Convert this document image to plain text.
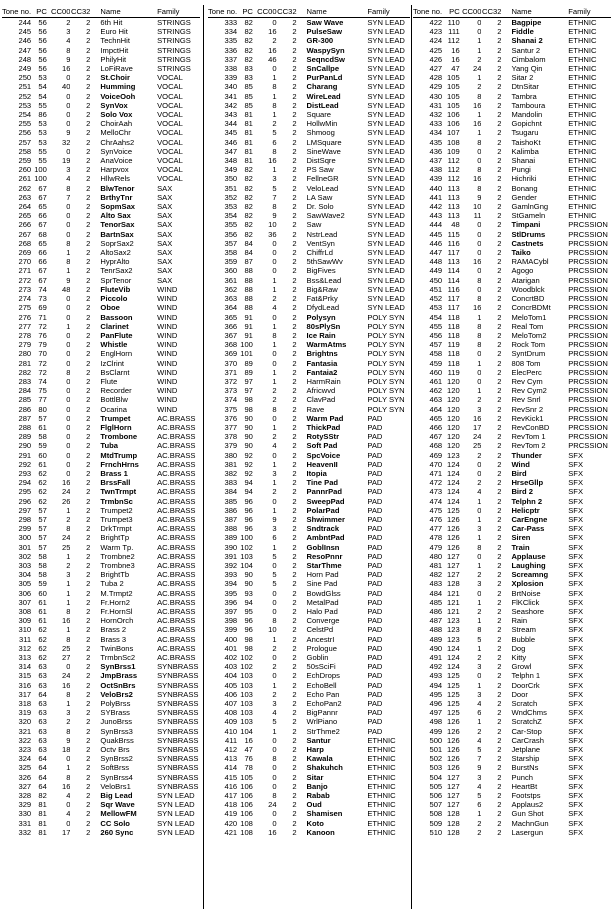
Tone no.	PC	CC00	CC32	Name	Family
244	56	2	2	6th Hit	STRINGS
245	56	3	2	Euro Hit	STRINGS
246	56	4	2	TechnHit	STRINGS
247	56	8	2	ImpctHit	STRINGS
248	56	9	2	PhilyHit	STRINGS
249	56	16	2	LoFiRave	STRINGS
250	53	0	2	St.Choir	VOCAL
251	54	40	2	Humming	VOCAL
252	54	0	2	VoiceOoh	VOCAL
253	55	0	2	SynVox	VOCAL
254	86	0	2	Solo Vox	VOCAL
255	53	0	2	ChoirAah	VOCAL
256	53	9	2	MelloChr	VOCAL
257	53	32	2	ChrAahs2	VOCAL
258	55	0	2	SynVoice	VOCAL
259	55	19	2	AnaVoice	VOCAL
260	100	3	2	Harpvox	VOCAL
261	100	4	2	HllwRels	VOCAL
262	67	8	2	BlwTenor	SAX
263	67	7	2	BrthyTnr	SAX
264	65	0	2	SopmSax	SAX
265	66	0	2	Alto Sax	SAX
266	67	0	2	TenorSax	SAX
267	68	0	2	BartnSax	SAX
268	65	8	2	SoprSax2	SAX
269	66	1	2	AltoSax2	SAX
270	66	8	2	HyprAlto	SAX
271	67	1	2	TenrSax2	SAX
272	67	9	2	SprTenor	SAX
273	74	48	2	FluteVib	WIND
274	73	0	2	Piccolo	WIND
275	69	0	2	Oboe	WIND
276	71	0	2	Bassoon	WIND
277	72	1	2	Clarinet	WIND
278	76	0	2	PanFlute	WIND
279	79	0	2	Whistle	WIND
280	70	0	2	EnglHorn	WIND
281	72	0	2	IzClrint	WIND
282	72	8	2	BsClarnt	WIND
283	74	0	2	Flute	WIND
284	75	0	2	Recorder	WIND
285	77	0	2	BottlBlw	WIND
286	80	0	2	Ocarina	WIND
287	57	0	2	Trumpet	AC.BRASS
288	61	0	2	FlglHorn	AC.BRASS
289	58	0	2	Trombone	AC.BRASS
290	59	0	2	Tuba	AC.BRASS
291	60	0	2	MtdTrump	AC.BRASS
292	61	0	2	FrnchHrns	AC.BRASS
293	62	0	2	Brass 1	AC.BRASS
294	62	16	2	BrssFall	AC.BRASS
295	62	24	2	TwnTrmpt	AC.BRASS
296	62	26	2	TrmbnSc	AC.BRASS
297	57	1	2	Trumpet2	AC.BRASS
298	57	2	2	Trumpet3	AC.BRASS
299	57	8	2	DrkTrmpt	AC.BRASS
300	57	24	2	BrightTp	AC.BRASS
301	57	25	2	Warm Tp.	AC.BRASS
302	58	1	2	Trombne2	AC.BRASS
303	58	2	2	Trombne3	AC.BRASS
304	58	3	2	BrightTb	AC.BRASS
305	59	1	2	Tuba 2	AC.BRASS
306	60	1	2	M.Trmpt2	AC.BRASS
307	61	1	2	Fr.Horn2	AC.BRASS
308	61	8	2	Fr.HornSl	AC.BRASS
309	61	16	2	HornOrch	AC.BRASS
310	62	1	2	Brass 2	AC.BRASS
311	62	8	2	Brass 3	AC.BRASS
312	62	25	2	TwinBons	AC.BRASS
313	62	27	2	TrmbnSc2	AC.BRASS
314	63	0	2	SynBrss1	SYNBRASS
315	63	24	2	JmpBrass	SYNBRASS
316	63	16	2	OctSnBrs	SYNBRASS
317	64	8	2	VeloBrs2	SYNBRASS
318	63	1	2	PolyBrss	SYNBRASS
319	63	3	2	SYBrass	SYNBRASS
320	63	2	2	JunoBrss	SYNBRASS
321	63	8	2	SynBrss3	SYNBRASS
322	63	9	2	QuakBrss	SYNBRASS
323	63	18	2	Octv Brs	SYNBRASS
324	64	0	2	SynBrss2	SYNBRASS
325	64	1	2	SoftBrss	SYNBRASS
326	64	8	2	SynBrss4	SYNBRASS
327	64	16	2	VeloBrs1	SYNBRASS
328	82	4	2	Big Lead	SYN LEAD
329	81	0	2	Sqr Wave	SYN LEAD
330	81	4	2	MellowFM	SYN LEAD
331	81	0	2	CC Solo	SYN LEAD
332	81	17	2	260 Sync	SYN LEAD
Tone no.	PC	CC00	CC32	Name	Family
333	82	0	2	Saw Wave	SYN LEAD
334	82	16	2	PulseSaw	SYN LEAD
335	82	2	2	GR-300	SYN LEAD
336	82	16	2	WaspySyn	SYN LEAD
337	82	46	2	SeqncdSw	SYN LEAD
338	83	0	2	SnCallpe	SYN LEAD
339	83	1	2	PurPanLd	SYN LEAD
340	85	8	2	Charang	SYN LEAD
341	85	1	2	WireLead	SYN LEAD
342	85	8	2	DistLead	SYN LEAD
343	81	1	2	Square	SYN LEAD
344	81	2	2	HollwMin	SYN LEAD
345	81	5	2	Shmoog	SYN LEAD
346	81	6	2	LMSquare	SYN LEAD
347	81	8	2	SineWave	SYN LEAD
348	81	16	2	DistSqre	SYN LEAD
349	82	1	2	PS Saw	SYN LEAD
350	82	3	2	FellneGR	SYN LEAD
351	82	5	2	VeloLead	SYN LEAD
352	82	7	2	LA Saw	SYN LEAD
353	82	8	2	Dr. Solo	SYN LEAD
354	82	9	2	SawWave2	SYN LEAD
355	82	10	2	Saw	SYN LEAD
356	82	36	2	NstrLead	SYN LEAD
357	84	0	2	VentSyn	SYN LEAD
358	84	0	2	ChiffrLd	SYN LEAD
359	87	0	2	5thSawWv	SYN LEAD
360	88	0	2	BigFives	SYN LEAD
361	88	1	2	Bss&Lead	SYN LEAD
362	88	1	2	Big&Raw	SYN LEAD
363	88	2	2	Fat&Prky	SYN LEAD
364	88	4	2	DfydLead	SYN LEAD
365	91	0	2	Polysyn	POLY SYN
366	91	1	2	80sPlySn	POLY SYN
367	91	8	2	Ice Rain	POLY SYN
368	100	1	2	WarmAtms	POLY SYN
369	101	0	2	Brightns	POLY SYN
370	89	0	2	Fantasia	POLY SYN
371	89	1	2	Fantaia2	POLY SYN
372	97	1	2	HarmRain	POLY SYN
373	97	2	2	Africwvd	POLY SYN
374	98	2	2	ClavPad	POLY SYN
375	98	8	2	Rave	POLY SYN
376	90	0	2	Warm Pad	PAD
377	90	1	2	ThickPad	PAD
378	90	2	2	RotySStr	PAD
379	90	4	2	Soft Pad	PAD
380	92	0	2	SpcVoice	PAD
381	92	1	2	HeavenII	PAD
382	92	3	2	Itopia	PAD
383	94	1	2	Tine Pad	PAD
384	94	2	2	PannrPad	PAD
385	96	0	2	SweepPad	PAD
386	96	1	2	PolarPad	PAD
387	96	9	2	Shwimmer	PAD
388	96	3	2	Sndtrack	PAD
389	100	6	2	AmbntPad	PAD
390	102	1	2	GoblInsn	PAD
391	103	5	2	ResoPnnr	PAD
392	104	0	2	StarThme	PAD
393	90	5	2	Horn Pad	PAD
394	90	5	2	Sine Pad	PAD
395	93	0	2	BowdGlss	PAD
396	94	0	2	MetalPad	PAD
397	95	0	2	Halo Pad	PAD
398	96	8	2	Converge	PAD
399	96	10	2	CelstPd	PAD
400	98	1	2	AncestrI	PAD
401	98	2	2	Prologue	PAD
402	102	0	2	Goblin	PAD
403	102	2	2	50sSciFi	PAD
404	103	0	2	EchDrops	PAD
405	103	1	2	EchoBell	PAD
406	103	2	2	Echo Pan	PAD
407	103	3	2	EchoPan2	PAD
408	103	4	2	BigPannr	PAD
409	103	5	2	WrlPiano	PAD
410	104	1	2	StrThme2	PAD
411	16	0	2	Santur	ETHNIC
412	47	0	2	Harp	ETHNIC
413	76	8	2	Kawala	ETHNIC
414	78	0	2	Shakuhch	ETHNIC
415	105	0	2	Sitar	ETHNIC
416	106	0	2	Banjo	ETHNIC
417	106	8	2	Rabab	ETHNIC
418	106	24	2	Oud	ETHNIC
419	106	0	2	Shamisen	ETHNIC
420	108	0	2	Koto	ETHNIC
421	108	16	2	Kanoon	ETHNIC
Tone no.	PC	CC00	CC32	Name	Family
422	110	0	2	Bagpipe	ETHNIC
423	111	0	2	Fiddle	ETHNIC
424	112	1	2	Shanai 2	ETHNIC
425	16	1	2	Santur 2	ETHNIC
426	16	2	2	Cimbalom	ETHNIC
427	47	24	2	Yang Qin	ETHNIC
428	105	1	2	Sitar 2	ETHNIC
429	105	2	2	DtnSitar	ETHNIC
430	105	8	2	Tambra	ETHNIC
431	105	16	2	Tamboura	ETHNIC
432	106	1	2	Mandolin	ETHNIC
433	106	16	2	Gopichnt	ETHNIC
434	107	1	2	Tsugaru	ETHNIC
435	108	8	2	TaishoKt	ETHNIC
436	109	0	2	Kalimba	ETHNIC
437	112	0	2	Shanai	ETHNIC
438	112	8	2	Pungi	ETHNIC
439	112	16	2	Hichriki	ETHNIC
440	113	8	2	Bonang	ETHNIC
441	113	9	2	Gender	ETHNIC
442	113	10	2	GamlnGng	ETHNIC
443	113	11	2	StGameln	ETHNIC
444	48	0	2	Timpani	PRCSSION
445	115	0	2	StlDrums	PRCSSION
446	116	0	2	Castnets	PRCSSION
447	117	0	2	Taiko	PRCSSION
448	113	16	2	RAMACybl	PRCSSION
449	114	0	2	Agogo	PRCSSION
450	114	8	2	Atarigan	PRCSSION
451	116	0	2	Woodblck	PRCSSION
452	117	8	2	ConcrtBD	PRCSSION
453	117	16	2	ConcrBDMt	PRCSSION
454	118	1	2	MeloTom1	PRCSSION
455	118	8	2	Real Tom	PRCSSION
456	118	8	2	MeloTom2	PRCSSION
457	119	8	2	Rock Tom	PRCSSION
458	118	0	2	SyntDrum	PRCSSION
459	118	1	2	808 Tom	PRCSSION
460	119	0	2	ElecPerc	PRCSSION
461	120	0	2	Rev Cym	PRCSSION
462	120	1	2	Rev Cym2	PRCSSION
463	120	2	2	Rev Snrl	PRCSSION
464	120	3	2	RevSnr 2	PRCSSION
465	120	16	2	RevKick1	PRCSSION
466	120	17	2	RevConBD	PRCSSION
467	120	24	2	RevTom 1	PRCSSION
468	120	25	2	RevTom 2	PRCSSION
469	123	2	2	Thunder	SFX
470	124	0	2	Wind	SFX
471	124	0	2	Bird	SFX
472	124	2	2	HrseGllp	SFX
473	124	4	2	Bird 2	SFX
474	124	1	2	Telphn 2	SFX
475	125	0	2	Helicptr	SFX
476	126	1	2	CarEngne	SFX
477	126	3	2	Car-Pass	SFX
478	126	1	2	Siren	SFX
479	126	8	2	Train	SFX
480	127	0	2	Applause	SFX
481	127	1	2	Laughing	SFX
482	127	2	2	Screamng	SFX
483	128	3	2	Xplosion	SFX
484	121	0	2	BrtNoise	SFX
485	121	1	2	FlKClick	SFX
486	121	2	2	Seashore	SFX
487	123	1	2	Rain	SFX
488	123	8	2	Stream	SFX
489	123	5	2	Bubble	SFX
490	124	1	2	Dog	SFX
491	124	2	2	Kitty	SFX
492	124	3	2	Growl	SFX
493	125	0	2	Telphn 1	SFX
494	125	1	2	DoorCrk	SFX
495	125	3	2	Door	SFX
496	125	4	2	Scratch	SFX
497	125	6	2	WndChms	SFX
498	126	1	2	ScratchZ	SFX
499	126	2	2	Car-Stop	SFX
500	126	4	2	CarCrash	SFX
501	126	5	2	Jetplane	SFX
502	126	7	2	Starship	SFX
503	126	9	2	BurstNs	SFX
504	127	3	2	Punch	SFX
505	127	4	2	HeartBt	SFX
506	127	5	2	Footstps	SFX
507	127	6	2	Applaus2	SFX
508	128	1	2	Gun Shot	SFX
509	128	2	2	MachnGun	SFX
510	128	2	2	Lasergun	SFX
